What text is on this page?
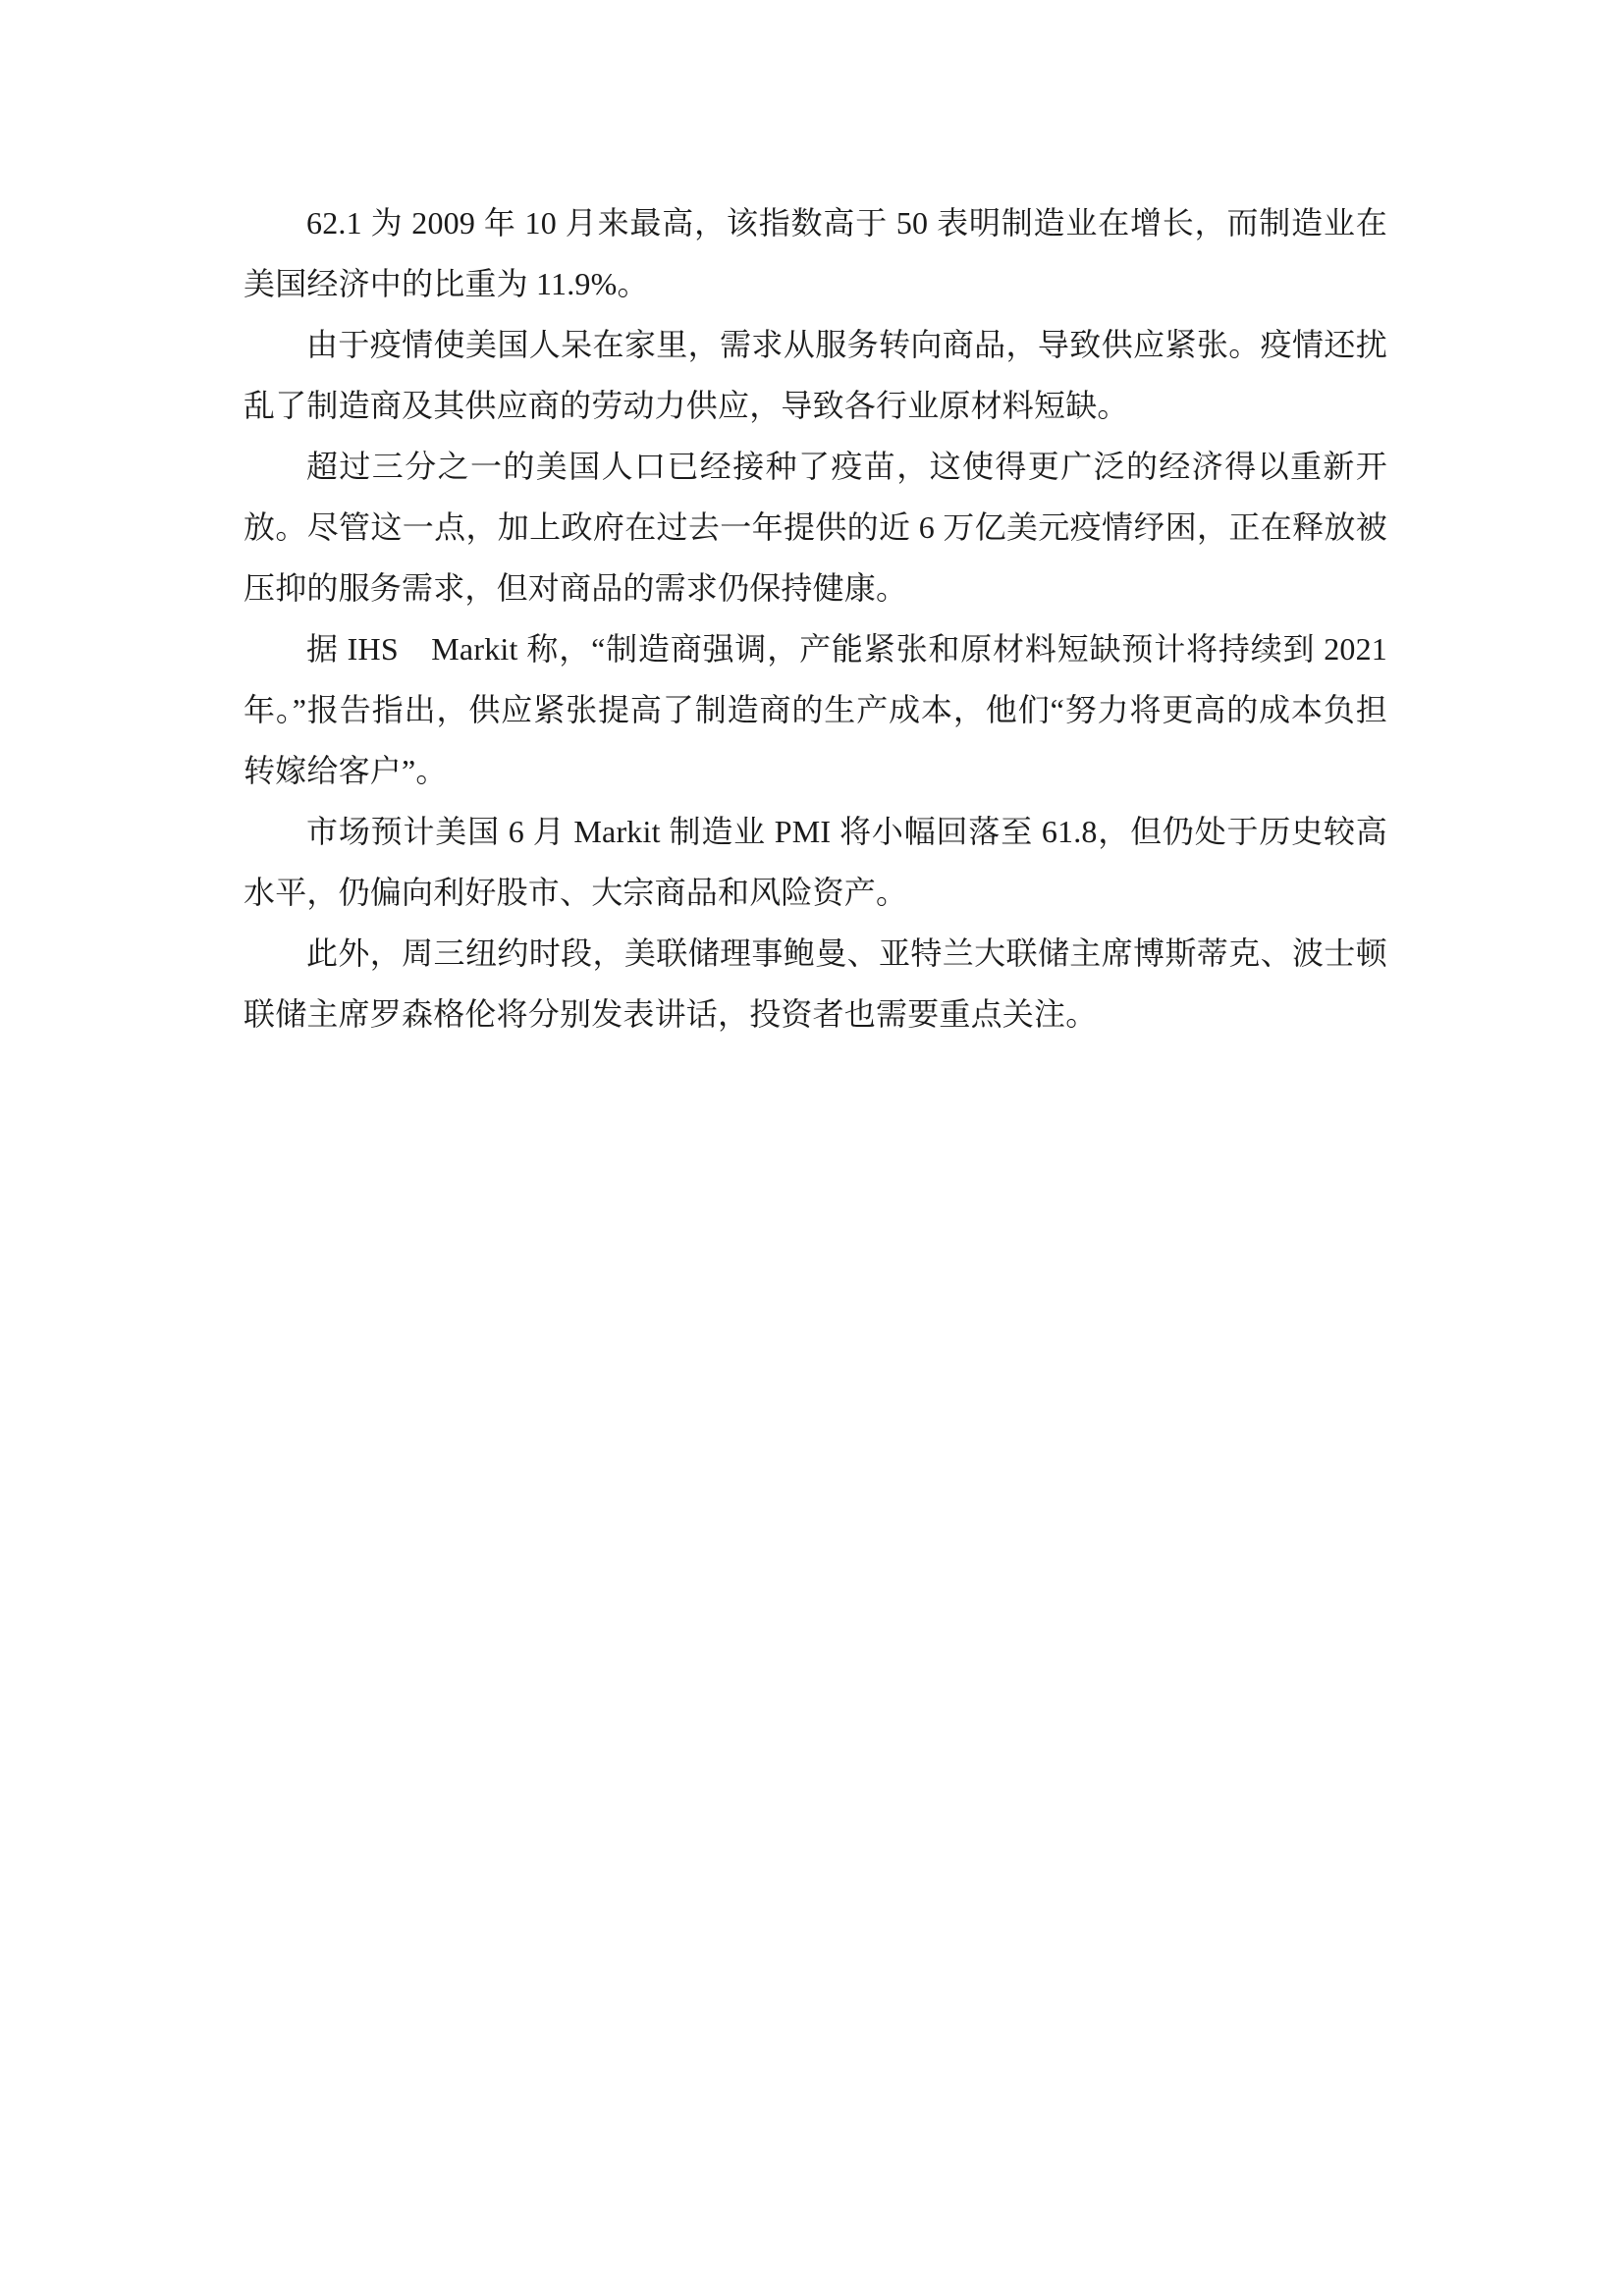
62.1 为 2009 年 10 月来最高，该指数高于 50 表明制造业在增长，而制造业在美国经济中的比重为 11.9%。

由于疫情使美国人呆在家里，需求从服务转向商品，导致供应紧张。疫情还扰乱了制造商及其供应商的劳动力供应，导致各行业原材料短缺。

超过三分之一的美国人口已经接种了疫苗，这使得更广泛的经济得以重新开放。尽管这一点，加上政府在过去一年提供的近 6 万亿美元疫情纾困，正在释放被压抑的服务需求，但对商品的需求仍保持健康。

据 IHS　Markit 称，“制造商强调，产能紧张和原材料短缺预计将持续到 2021 年。”报告指出，供应紧张提高了制造商的生产成本，他们“努力将更高的成本负担转嫁给客户”。

市场预计美国 6 月 Markit 制造业 PMI 将小幅回落至 61.8，但仍处于历史较高水平，仍偏向利好股市、大宗商品和风险资产。

此外，周三纽约时段，美联储理事鲍曼、亚特兰大联储主席博斯蒂克、波士顿联储主席罗森格伦将分别发表讲话，投资者也需要重点关注。
